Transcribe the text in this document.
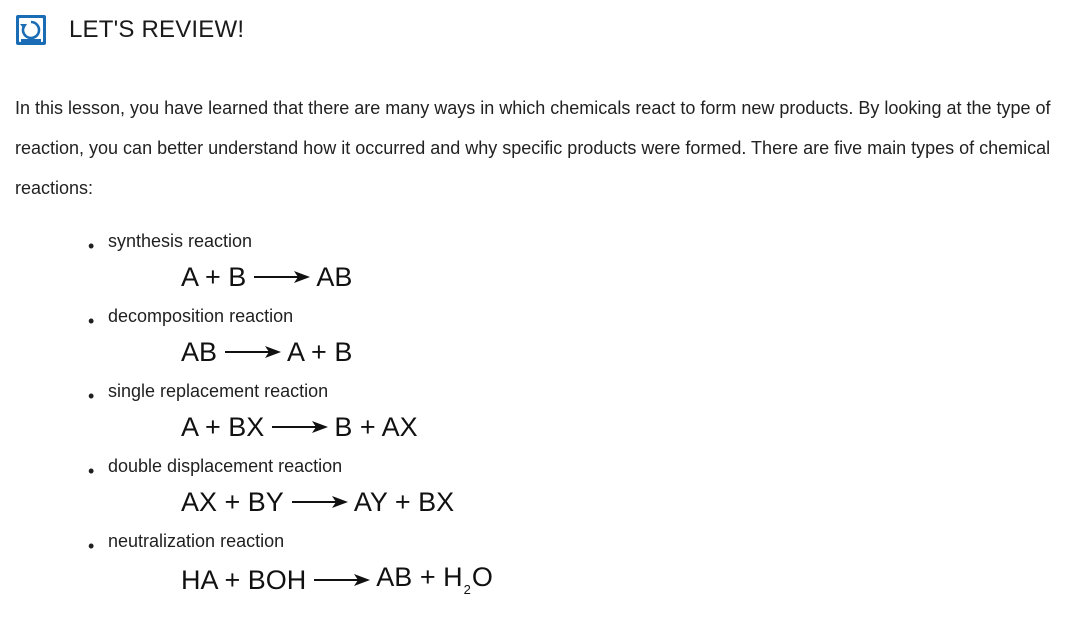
LET'S REVIEW!

In this lesson, you have learned that there are many ways in which chemicals react to form new products. By looking at the type of reaction, you can better understand how it occurred and why specific products were formed. There are five main types of chemical reactions:

• synthesis reaction
A + B	AB
• decomposition reaction
AB	A + B
• single replacement reaction
A + BX	B + AX
• double displacement reaction
AX + BY	AY + BX
• neutralization reaction
HA + BOH	AB + $H_2O$
